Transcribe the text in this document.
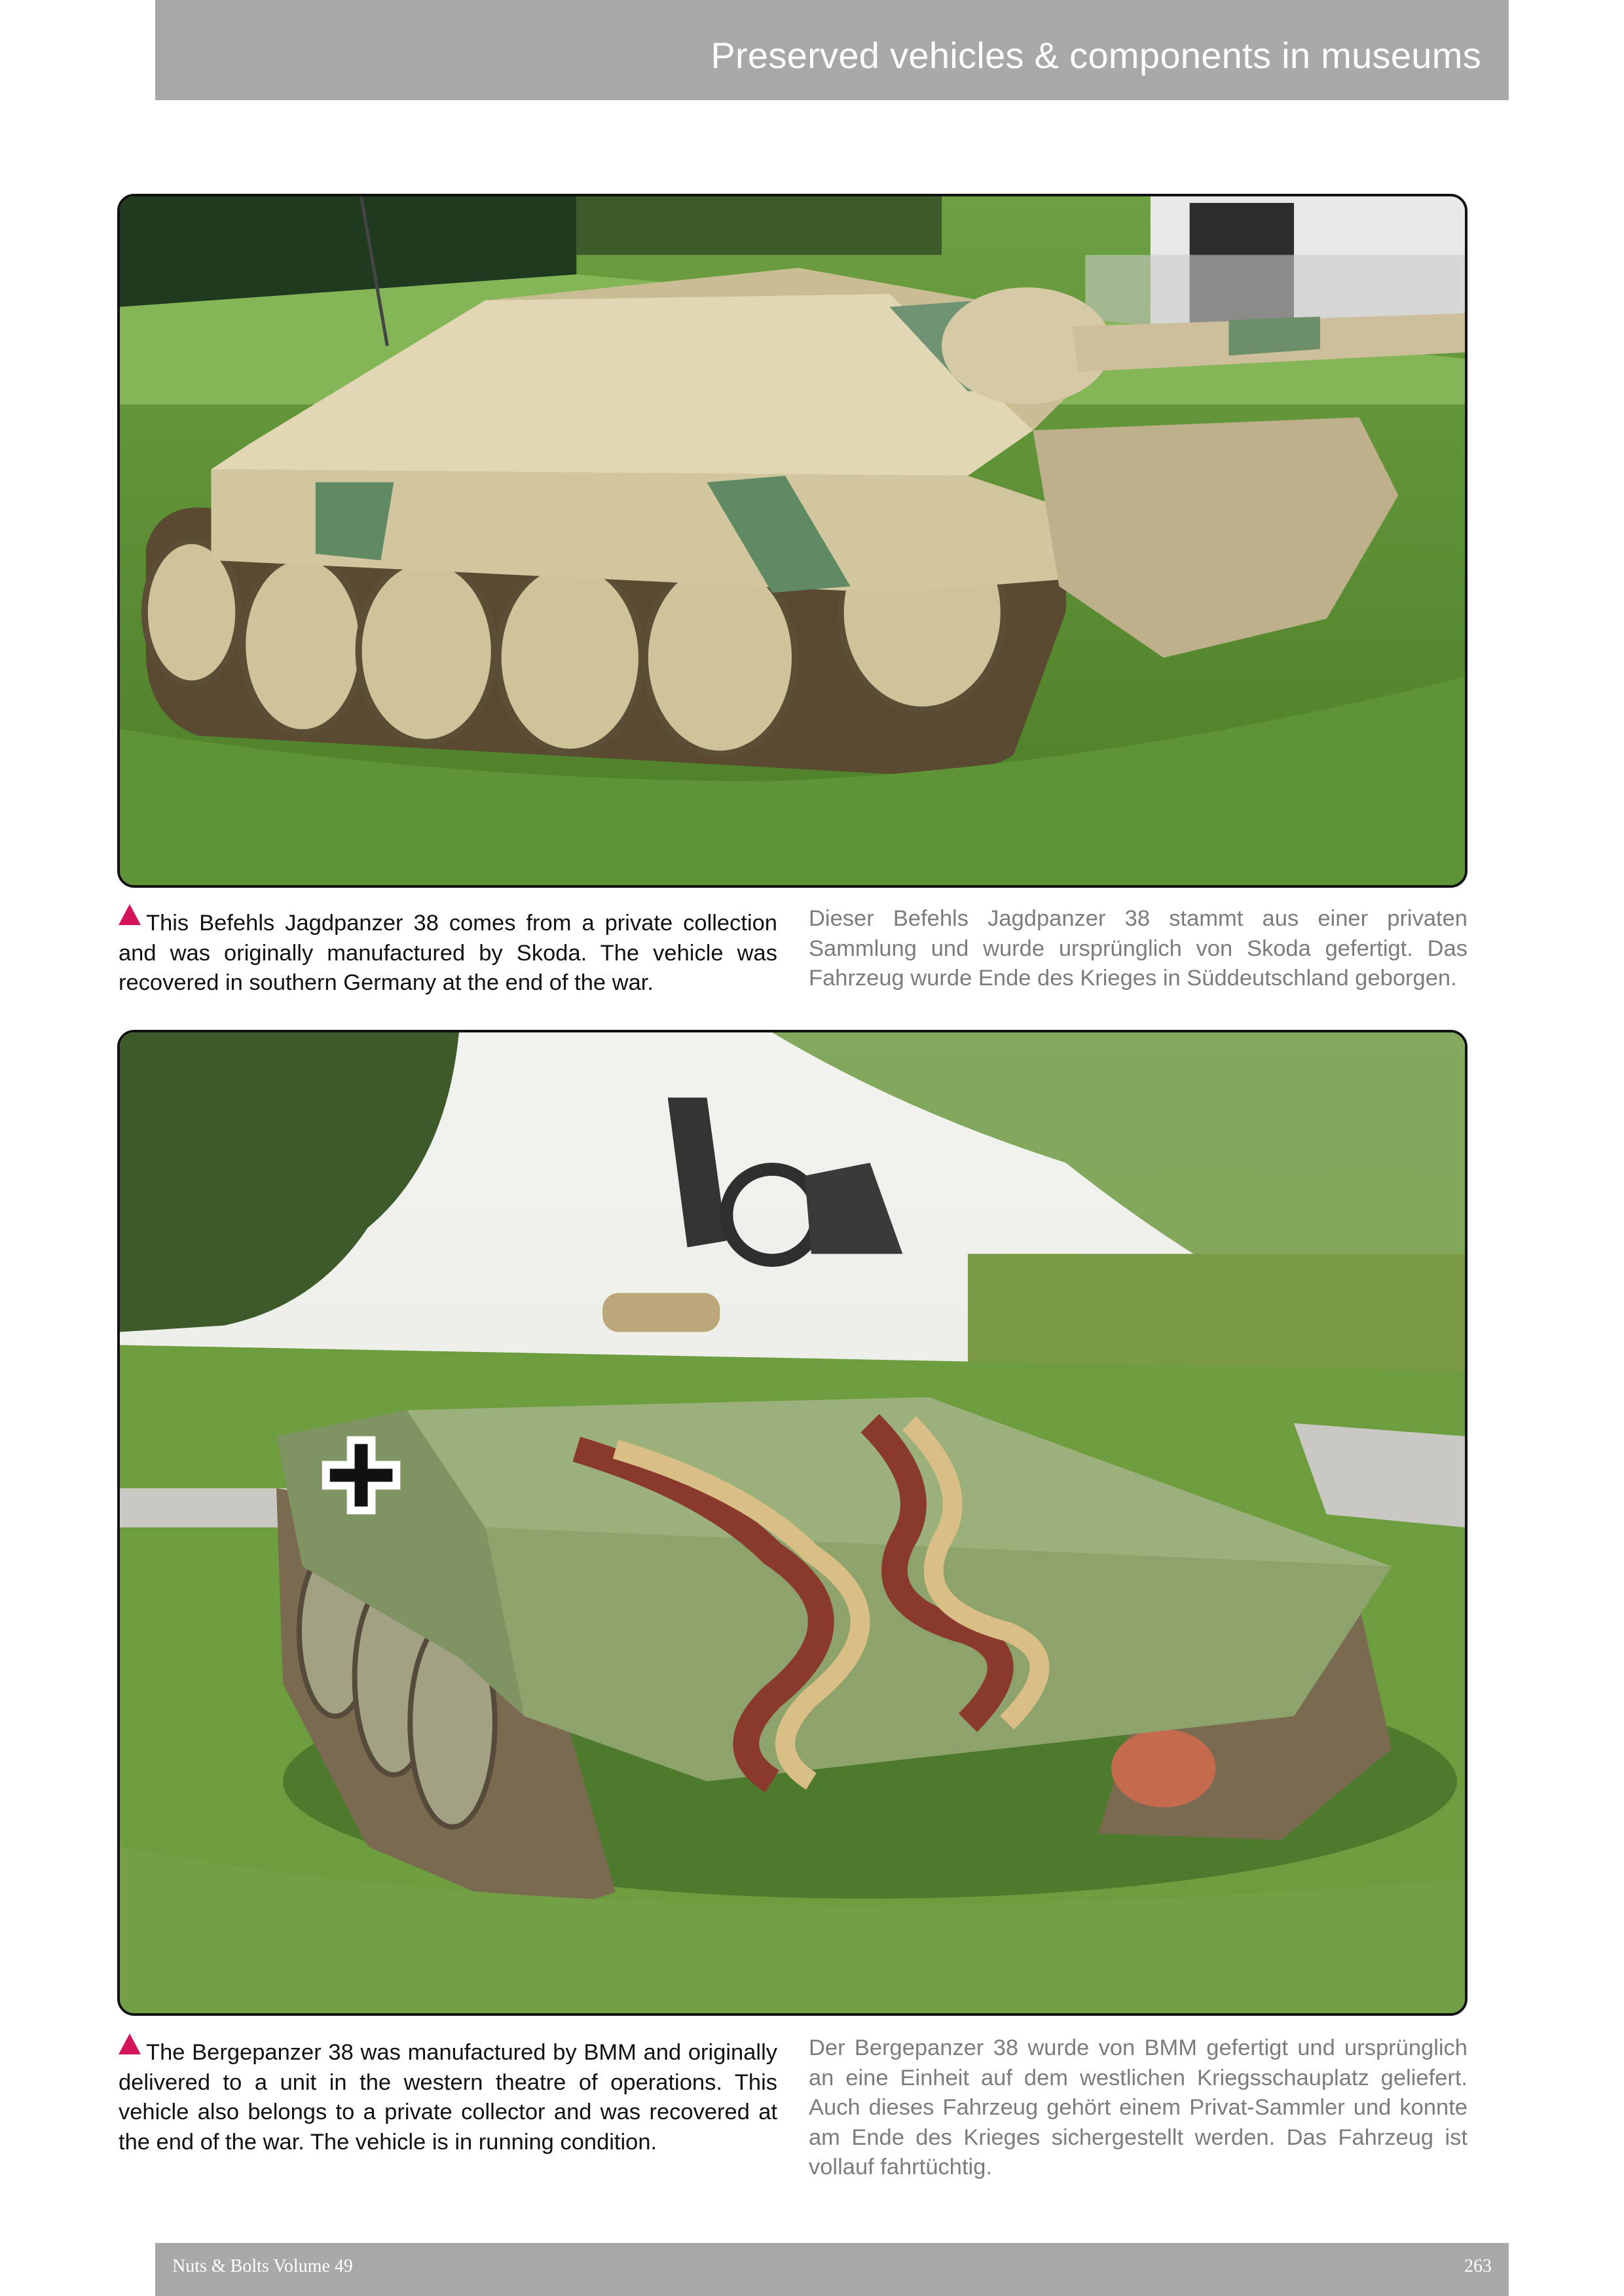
Preserved vehicles & components in museums
This Befehls Jagdpanzer 38 comes from a private collection and was originally manufactured by Skoda. The vehicle was recovered in southern Germany at the end of the war.
Dieser Befehls Jagdpanzer 38 stammt aus einer privaten Sammlung und wurde ursprünglich von Skoda gefertigt. Das Fahrzeug wurde Ende des Krieges in Süddeutschland geborgen.
The Bergepanzer 38 was manufactured by BMM and originally delivered to a unit in the western theatre of operations. This vehicle also belongs to a private collector and was recovered at the end of the war. The vehicle is in running condition.
Der Bergepanzer 38 wurde von BMM gefertigt und ursprünglich an eine Einheit auf dem westlichen Kriegsschauplatz geliefert. Auch dieses Fahrzeug gehört einem Privat-Sammler und konnte am Ende des Krieges sichergestellt werden. Das Fahrzeug ist vollauf fahrtüchtig.
Nuts & Bolts Volume 49	263
